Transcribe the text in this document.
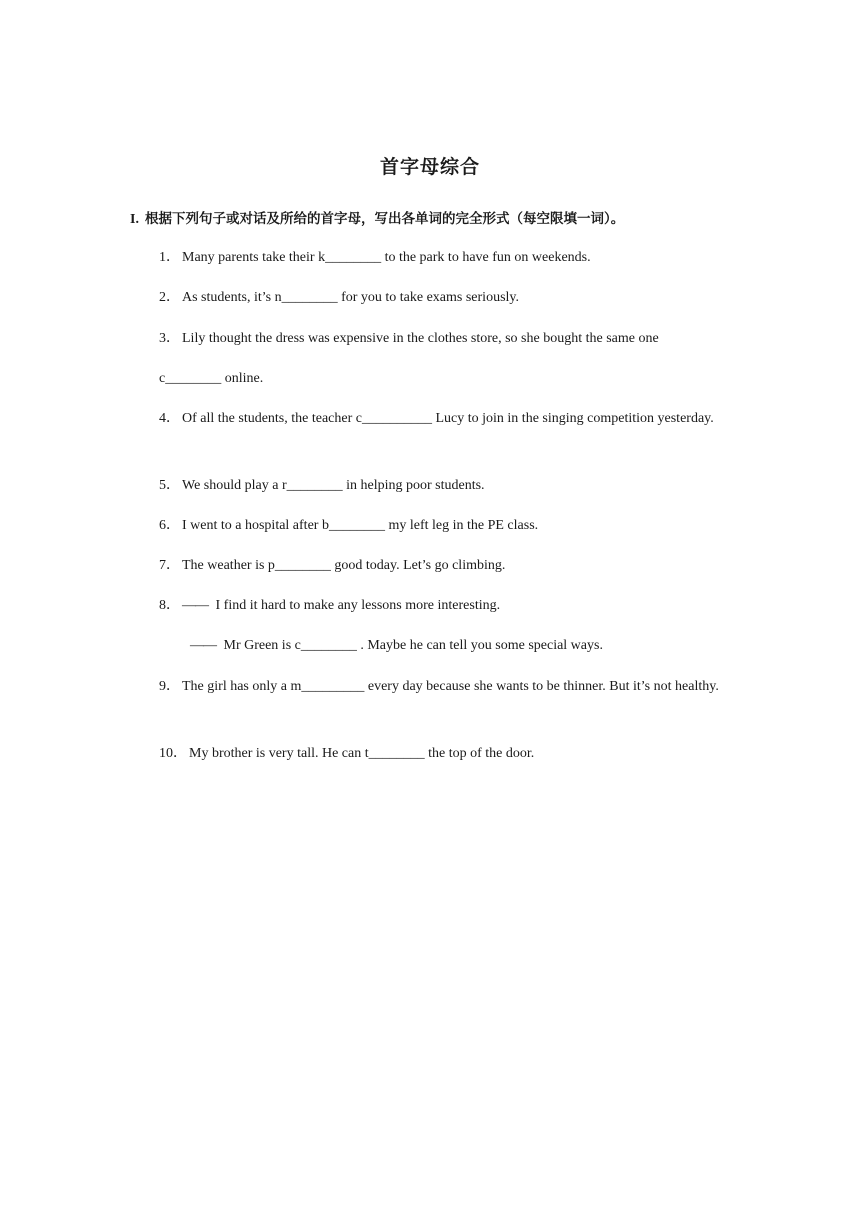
首字母综合
I. 根据下列句子或对话及所给的首字母，写出各单词的完全形式（每空限填一词）。
1． Many parents take their k________ to the park to have fun on weekends.
2． As students, it’s n________ for you to take exams seriously.
3． Lily thought the dress was expensive in the clothes store, so she bought the same one
c________ online.
4． Of all the students, the teacher c__________ Lucy to join in the singing competition yesterday.
5． We should play a r________ in helping poor students.
6． I went to a hospital after b________ my left leg in the PE class.
7． The weather is p________ good today. Let’s go climbing.
8． —— I find it hard to make any lessons more interesting.
—— Mr Green is c________ . Maybe he can tell you some special ways.
9． The girl has only a m_________ every day because she wants to be thinner. But it’s not healthy.
10． My brother is very tall. He can t________ the top of the door.
